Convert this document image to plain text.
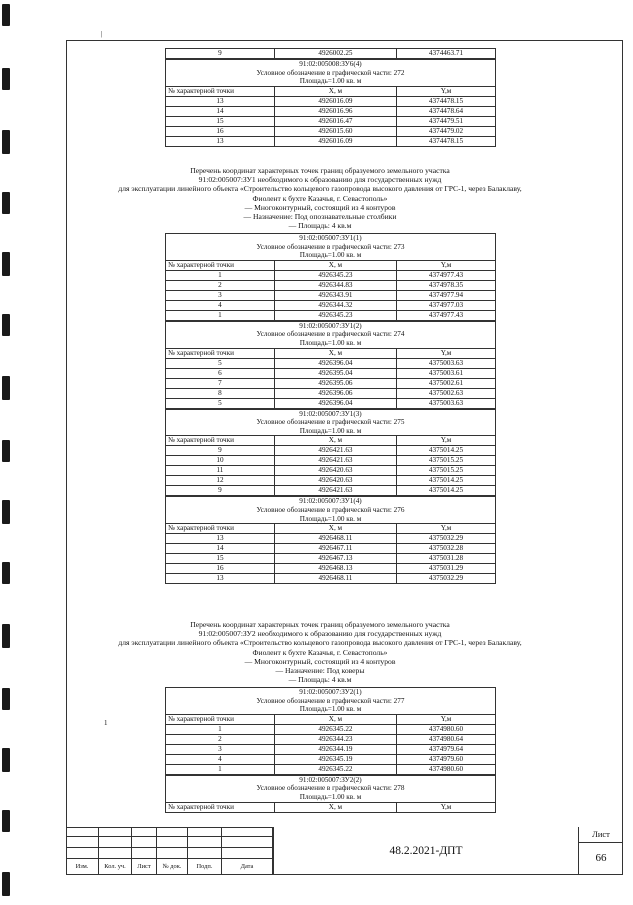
|
1
9	4926002.25	4374463.71
91:02:005008:ЗУ6(4)
Условное обозначение в графической части: 272
Площадь=1.00 кв. м
№ характерной точки	X, м	Y,м
13	4926016.09	4374478.15
14	4926016.96	4374478.64
15	4926016.47	4374479.51
16	4926015.60	4374479.02
13	4926016.09	4374478.15
Перечень координат характерных точек границ образуемого земельного участка
91:02:005007:ЗУ1 необходимого к образованию для государственных нужд
для эксплуатации линейного объекта «Строительство кольцевого газопровода высокого давления от ГРС-1, через Балаклаву,
Фиолент к бухте Казачья, г. Севастополь»
— Многоконтурный, состоящий из 4 контуров
— Назначение: Под опознавательные столбики
— Площадь: 4 кв.м
91:02:005007:ЗУ1(1)
Условное обозначение в графической части: 273
Площадь=1.00 кв. м
№ характерной точки	X, м	Y,м
1	4926345.23	4374977.43
2	4926344.83	4374978.35
3	4926343.91	4374977.94
4	4926344.32	4374977.03
1	4926345.23	4374977.43
91:02:005007:ЗУ1(2)
Условное обозначение в графической части: 274
Площадь=1.00 кв. м
№ характерной точки	X, м	Y,м
5	4926396.04	4375003.63
6	4926395.04	4375003.61
7	4926395.06	4375002.61
8	4926396.06	4375002.63
5	4926396.04	4375003.63
91:02:005007:ЗУ1(3)
Условное обозначение в графической части: 275
Площадь=1.00 кв. м
№ характерной точки	X, м	Y,м
9	4926421.63	4375014.25
10	4926421.63	4375015.25
11	4926420.63	4375015.25
12	4926420.63	4375014.25
9	4926421.63	4375014.25
91:02:005007:ЗУ1(4)
Условное обозначение в графической части: 276
Площадь=1.00 кв. м
№ характерной точки	X, м	Y,м
13	4926468.11	4375032.29
14	4926467.11	4375032.28
15	4926467.13	4375031.28
16	4926468.13	4375031.29
13	4926468.11	4375032.29
Перечень координат характерных точек границ образуемого земельного участка
91:02:005007:ЗУ2 необходимого к образованию для государственных нужд
для эксплуатации линейного объекта «Строительство кольцевого газопровода высокого давления от ГРС-1, через Балаклаву,
Фиолент к бухте Казачья, г. Севастополь»
— Многоконтурный, состоящий из 4 контуров
— Назначение: Под коверы
— Площадь: 4 кв.м
91:02:005007:ЗУ2(1)
Условное обозначение в графической части: 277
Площадь=1.00 кв. м
№ характерной точки	X, м	Y,м
1	4926345.22	4374980.60
2	4926344.23	4374980.64
3	4926344.19	4374979.64
4	4926345.19	4374979.60
1	4926345.22	4374980.60
91:02:005007:ЗУ2(2)
Условное обозначение в графической части: 278
Площадь=1.00 кв. м
№ характерной точки	X, м	Y,м
Изм.	Кол. уч.	Лист	№ док.	Подп.	Дата
48.2.2021-ДПТ
Лист
66
